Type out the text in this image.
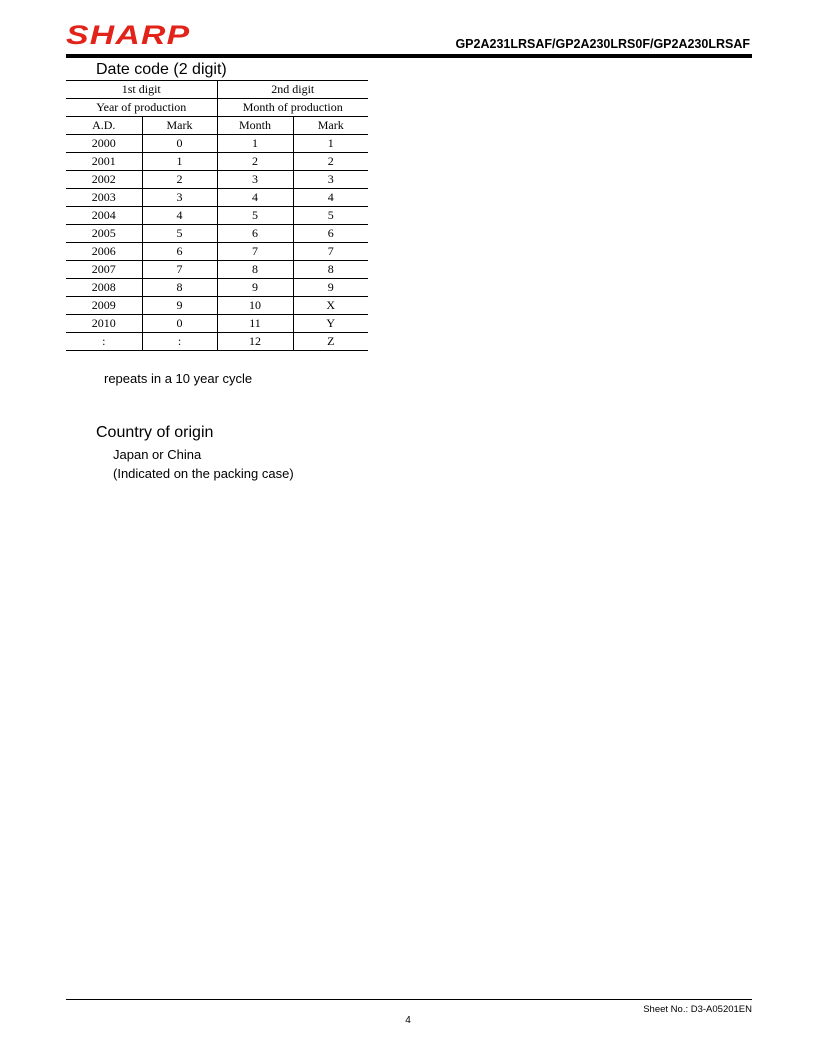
SHARP	GP2A231LRSAF/GP2A230LRS0F/GP2A230LRSAF
Date code (2 digit)
1st digit		2nd digit	
Year of production		Month of production	
A.D.	Mark	Month	Mark
2000	0	1	1
2001	1	2	2
2002	2	3	3
2003	3	4	4
2004	4	5	5
2005	5	6	6
2006	6	7	7
2007	7	8	8
2008	8	9	9
2009	9	10	X
2010	0	11	Y
:	:	12	Z
repeats in a 10 year cycle
Country of origin
Japan or China
(Indicated on the packing case)
Sheet No.: D3-A05201EN
4
